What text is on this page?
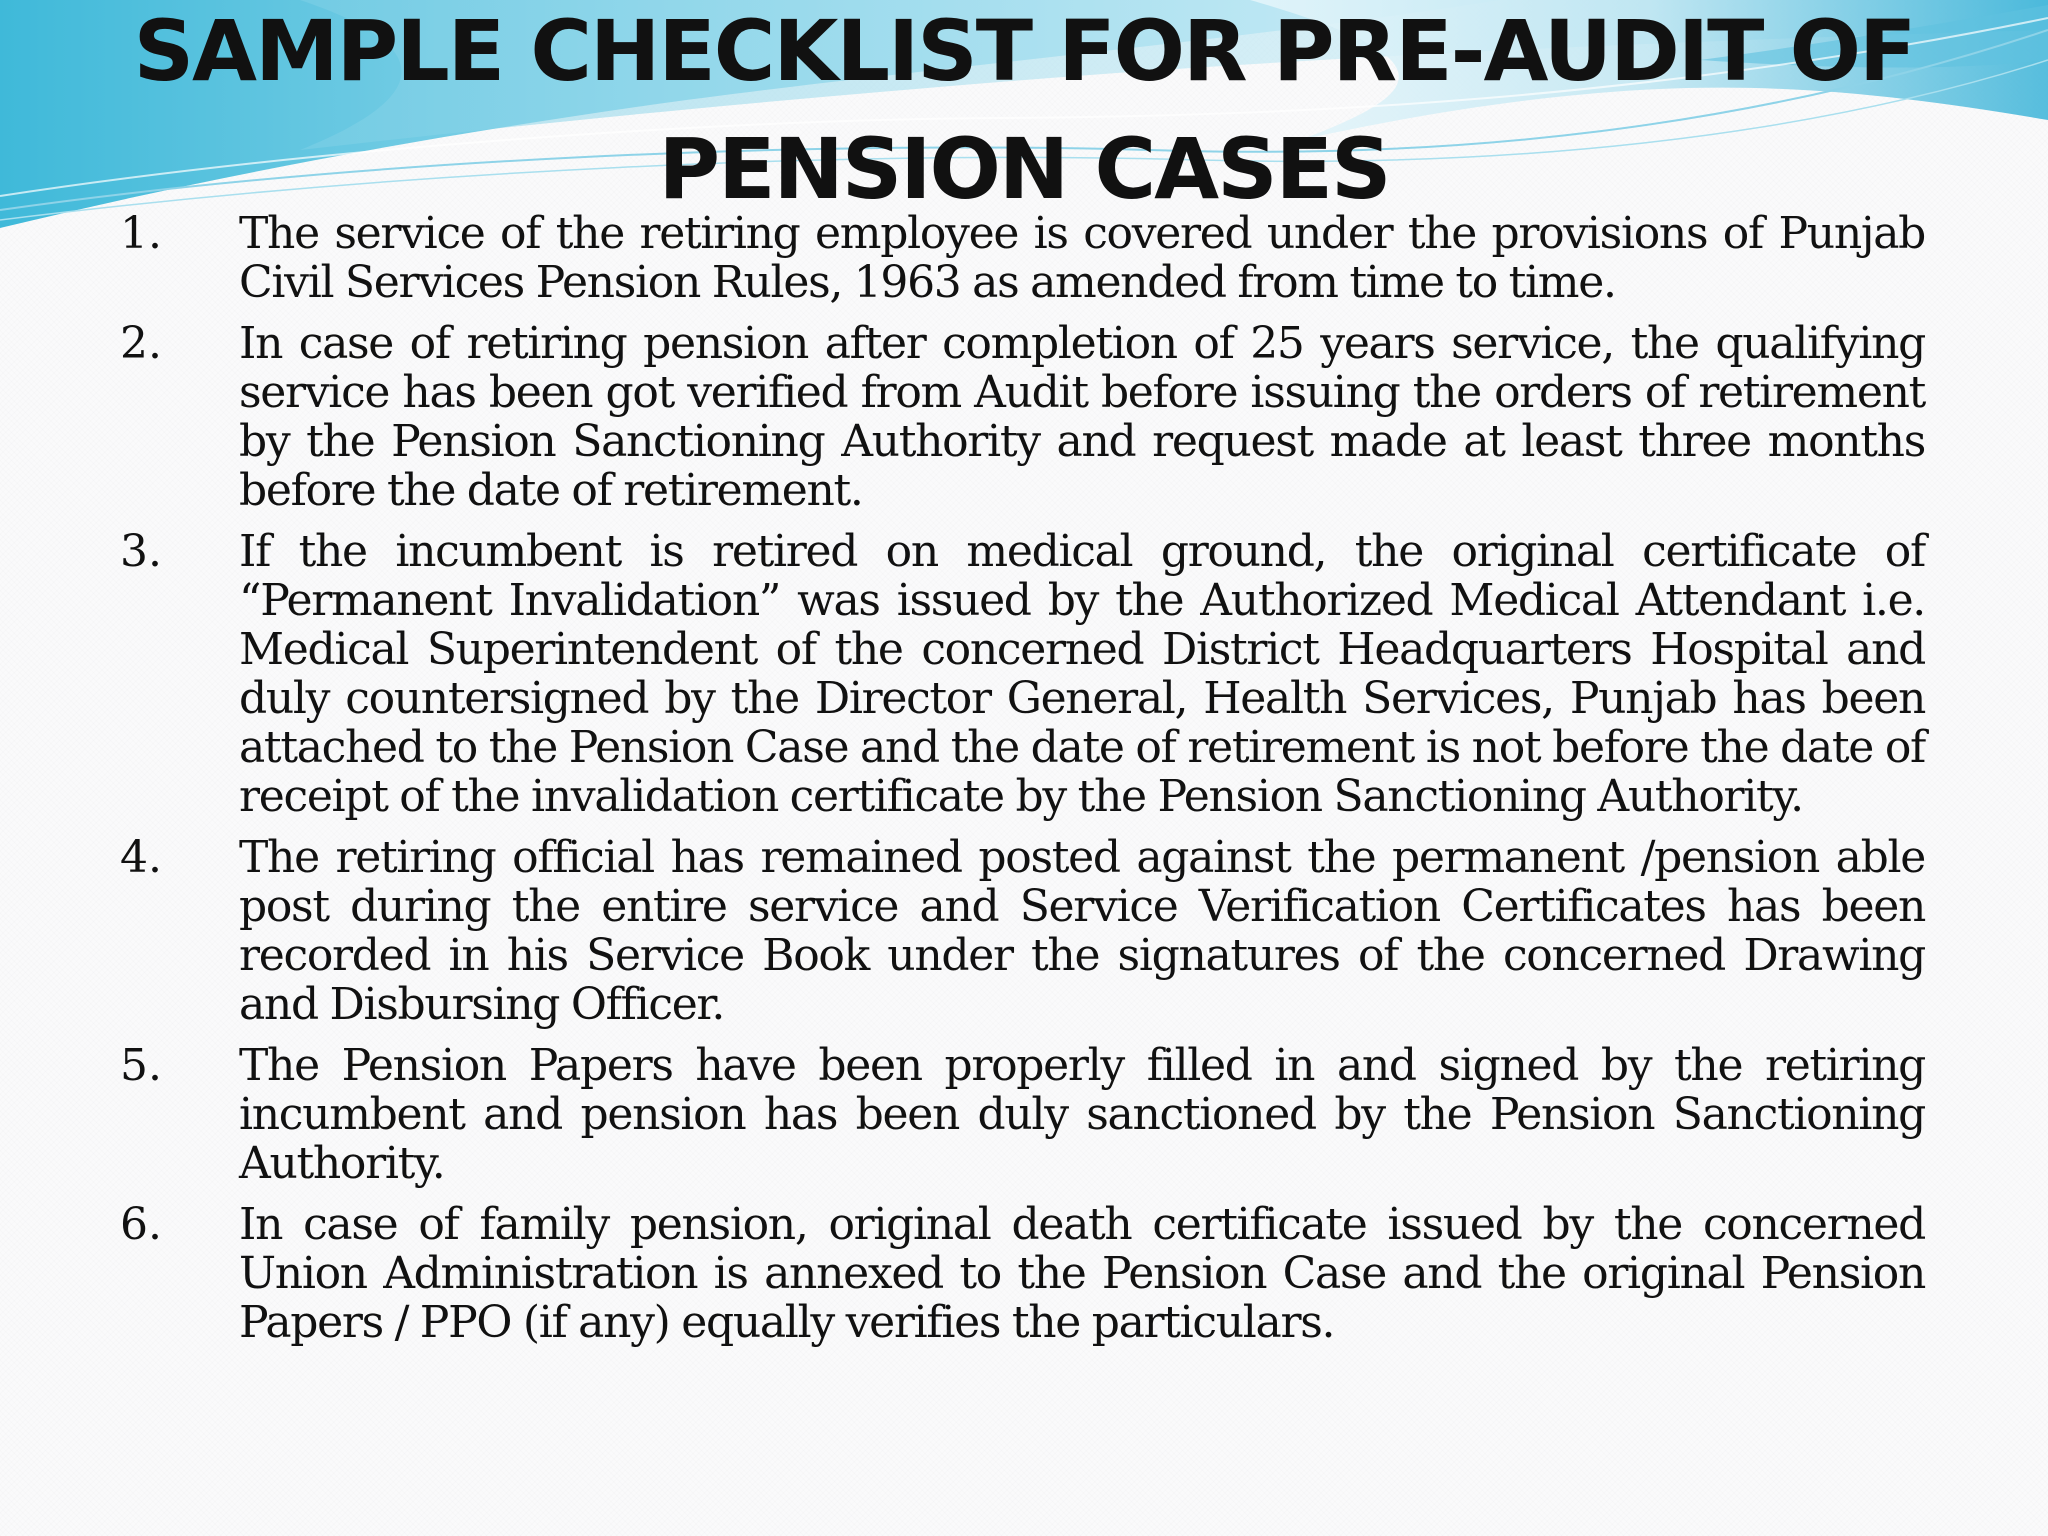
SAMPLE CHECKLIST FOR PRE-AUDIT OF
PENSION CASES
1.	The service of the retiring employee is covered under the provisions of Punjab Civil Services Pension Rules, 1963 as amended from time to time.
2.	In case of retiring pension after completion of 25 years service, the qualifying service has been got verified from Audit before issuing the orders of retirement by the Pension Sanctioning Authority and request made at least three months before the date of retirement.
3.	If the incumbent is retired on medical ground, the original certificate of “Permanent Invalidation” was issued by the Authorized Medical Attendant i.e. Medical Superintendent of the concerned District Headquarters Hospital and duly countersigned by the Director General, Health Services, Punjab has been attached to the Pension Case and the date of retirement is not before the date of receipt of the invalidation certificate by the Pension Sanctioning Authority.
4.	The retiring official has remained posted against the permanent /pension able post during the entire service and Service Verification Certificates has been recorded in his Service Book under the signatures of the concerned Drawing and Disbursing Officer.
5.	The Pension Papers have been properly filled in and signed by the retiring incumbent and pension has been duly sanctioned by the Pension Sanctioning Authority.
6.	In case of family pension, original death certificate issued by the concerned Union Administration is annexed to the Pension Case and the original Pension Papers / PPO (if any) equally verifies the particulars.
